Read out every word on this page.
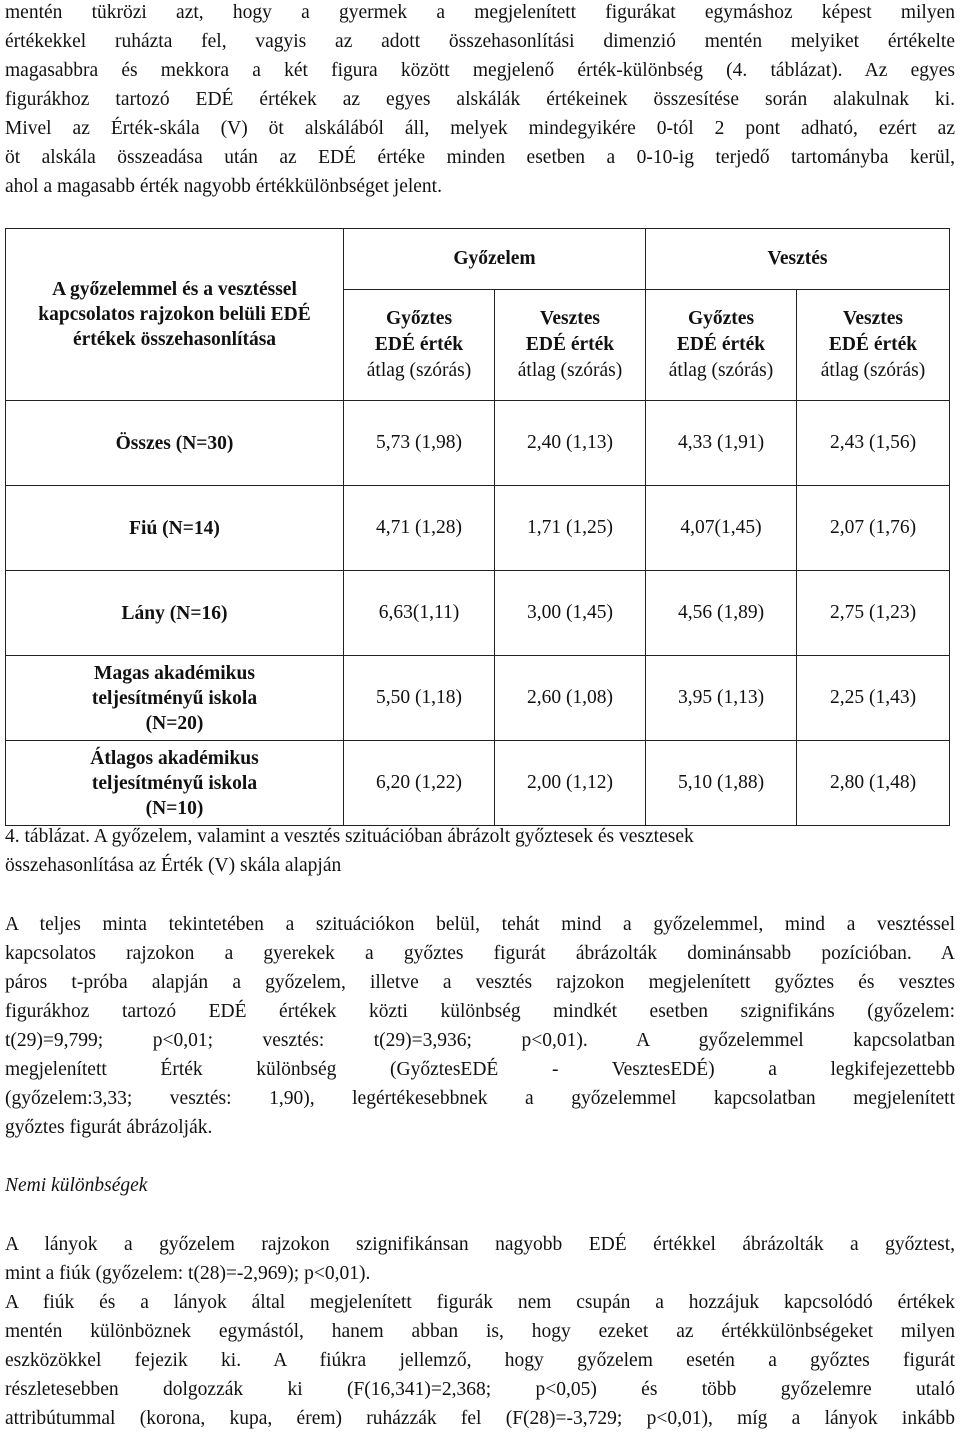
mentén tükrözi azt, hogy a gyermek a megjelenített figurákat egymáshoz képest milyen
értékekkel ruházta fel, vagyis az adott összehasonlítási dimenzió mentén melyiket értékelte
magasabbra és mekkora a két figura között megjelenő érték-különbség (4. táblázat). Az egyes
figurákhoz tartozó EDÉ értékek az egyes alskálák értékeinek összesítése során alakulnak ki.
Mivel az Érték-skála (V) öt alskálából áll, melyek mindegyikére 0-tól 2 pont adható, ezért az
öt alskála összeadása után az EDÉ értéke minden esetben a 0-10-ig terjedő tartományba kerül,
ahol a magasabb érték nagyobb értékkülönbséget jelent.
A győzelemmel és a vesztéssel kapcsolatos rajzokon belüli EDÉ értékek összehasonlítása	Győzelem		Vesztés	

	Győztes
EDÉ érték
átlag (szórás)	Vesztes
EDÉ érték
átlag (szórás)	Győztes
EDÉ érték
átlag (szórás)	Vesztes
EDÉ érték
átlag (szórás)
Összes (N=30)	5,73 (1,98)	2,40 (1,13)	4,33 (1,91)	2,43 (1,56)
Fiú (N=14)	4,71 (1,28)	1,71 (1,25)	4,07(1,45)	2,07 (1,76)
Lány (N=16)	6,63(1,11)	3,00 (1,45)	4,56 (1,89)	2,75 (1,23)
Magas akadémikus teljesítményű iskola (N=20)	5,50 (1,18)	2,60 (1,08)	3,95 (1,13)	2,25 (1,43)
Átlagos akadémikus teljesítményű iskola (N=10)	6,20 (1,22)	2,00 (1,12)	5,10 (1,88)	2,80 (1,48)
4. táblázat. A győzelem, valamint a vesztés szituációban ábrázolt győztesek és vesztesek
összehasonlítása az Érték (V) skála alapján
A teljes minta tekintetében a szituációkon belül, tehát mind a győzelemmel, mind a vesztéssel
kapcsolatos rajzokon a gyerekek a győztes figurát ábrázolták dominánsabb pozícióban. A
páros t-próba alapján a győzelem, illetve a vesztés rajzokon megjelenített győztes és vesztes
figurákhoz tartozó EDÉ értékek közti különbség mindkét esetben szignifikáns (győzelem:
t(29)=9,799; p<0,01; vesztés: t(29)=3,936; p<0,01). A győzelemmel kapcsolatban
megjelenített Érték különbség (GyőztesEDÉ - VesztesEDÉ) a legkifejezettebb
(győzelem:3,33; vesztés: 1,90), legértékesebbnek a győzelemmel kapcsolatban megjelenített
győztes figurát ábrázolják.
Nemi különbségek
A lányok a győzelem rajzokon szignifikánsan nagyobb EDÉ értékkel ábrázolták a győztest,
mint a fiúk (győzelem: t(28)=-2,969); p<0,01).
A fiúk és a lányok által megjelenített figurák nem csupán a hozzájuk kapcsolódó értékek
mentén különböznek egymástól, hanem abban is, hogy ezeket az értékkülönbségeket milyen
eszközökkel fejezik ki. A fiúkra jellemző, hogy győzelem esetén a győztes figurát
részletesebben dolgozzák ki (F(16,341)=2,368; p<0,05) és több győzelemre utaló
attribútummal (korona, kupa, érem) ruházzák fel (F(28)=-3,729; p<0,01), míg a lányok inkább
